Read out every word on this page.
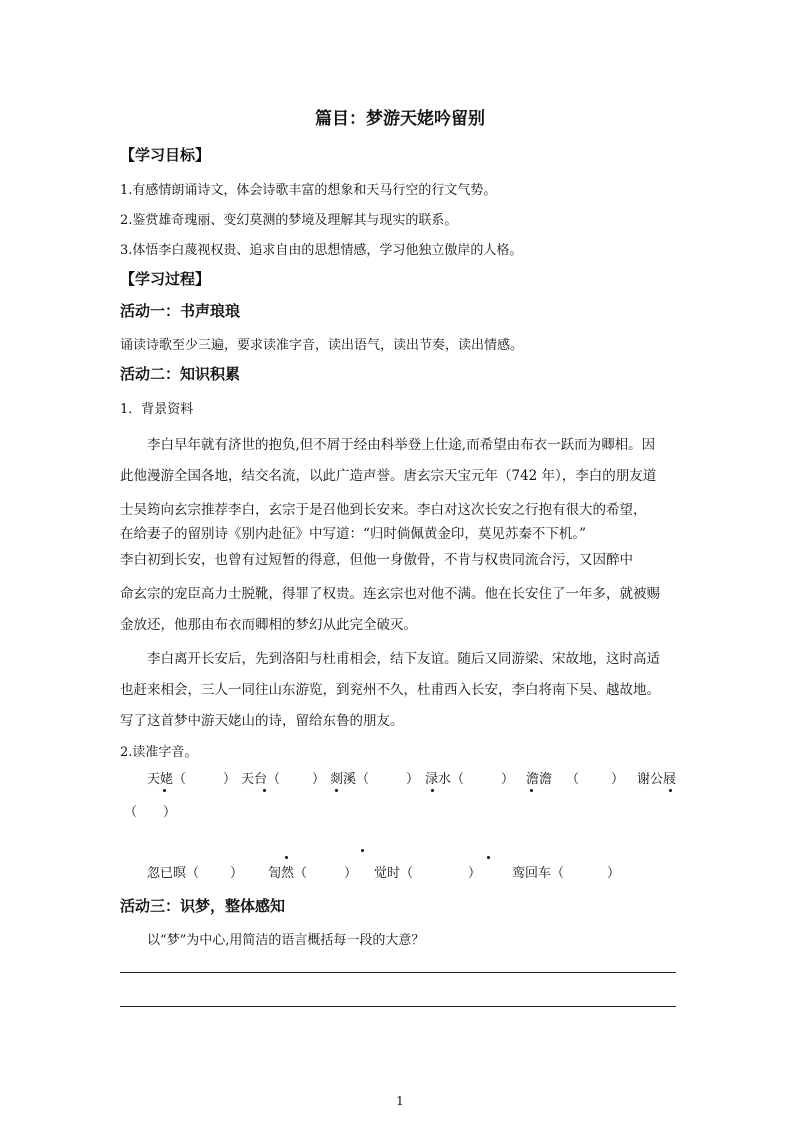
篇目：梦游天姥吟留别
【学习目标】
1.有感情朗诵诗文，体会诗歌丰富的想象和天马行空的行文气势。
2.鉴赏雄奇瑰丽、变幻莫测的梦境及理解其与现实的联系。
3.体悟李白蔑视权贵、追求自由的思想情感，学习他独立傲岸的人格。
【学习过程】
活动一：书声琅琅
诵读诗歌至少三遍，要求读准字音，读出语气，读出节奏，读出情感。
活动二：知识积累
1．背景资料
李白早年就有济世的抱负,但不屑于经由科举登上仕途,而希望由布衣一跃而为卿相。因
此他漫游全国各地，结交名流，以此广造声誉。唐玄宗天宝元年（742 年），李白的朋友道
士吴筠向玄宗推荐李白，玄宗于是召他到长安来。李白对这次长安之行抱有很大的希望，
在给妻子的留别诗《别内赴征》中写道：“归时倘佩黄金印，莫见苏秦不下机。”
李白初到长安，也曾有过短暂的得意，但他一身傲骨，不肯与权贵同流合污，又因醉中
命玄宗的宠臣高力士脱靴，得罪了权贵。连玄宗也对他不满。他在长安住了一年多，就被赐
金放还，他那由布衣而卿相的梦幻从此完全破灭。
李白离开长安后，先到洛阳与杜甫相会，结下友谊。随后又同游梁、宋故地，这时高适
也赶来相会，三人一同往山东游览，到兖州不久，杜甫西入长安，李白将南下吴、越故地。
写了这首梦中游天姥山的诗，留给东鲁的朋友。
2.读准字音。
天姥（	） 天台（ ） 剡溪（	） 渌水（	） 澹澹 （ ） 谢公屐
（　　）
忽已暝（ ） 訇然（	） 觉时（	） 鸾回车（	）
活动三：识梦，整体感知
以“梦”为中心,用简洁的语言概括每一段的大意？
1
